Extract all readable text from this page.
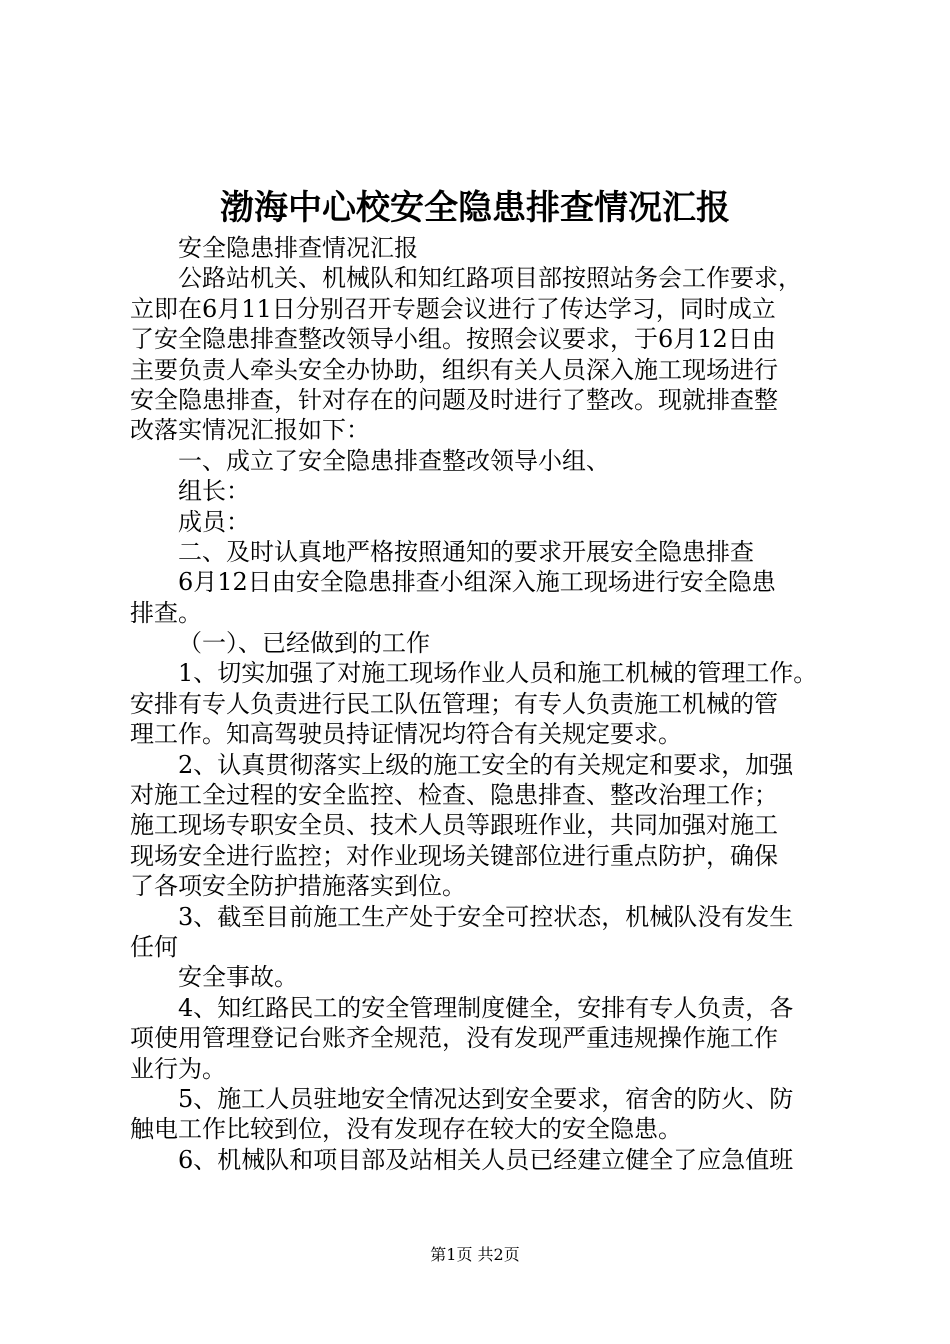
渤海中心校安全隐患排查情况汇报
安全隐患排查情况汇报
公路站机关、机械队和知红路项目部按照站务会工作要求，
立即在6月11日分别召开专题会议进行了传达学习，同时成立
了安全隐患排查整改领导小组。按照会议要求，于6月12日由
主要负责人牵头安全办协助，组织有关人员深入施工现场进行
安全隐患排查，针对存在的问题及时进行了整改。现就排查整
改落实情况汇报如下：
一、成立了安全隐患排查整改领导小组、
组长：
成员：
二、及时认真地严格按照通知的要求开展安全隐患排查
6月12日由安全隐患排查小组深入施工现场进行安全隐患
排查。
（一）、已经做到的工作
1、切实加强了对施工现场作业人员和施工机械的管理工作。
安排有专人负责进行民工队伍管理；有专人负责施工机械的管
理工作。知高驾驶员持证情况均符合有关规定要求。
2、认真贯彻落实上级的施工安全的有关规定和要求，加强
对施工全过程的安全监控、检查、隐患排查、整改治理工作；
施工现场专职安全员、技术人员等跟班作业，共同加强对施工
现场安全进行监控；对作业现场关键部位进行重点防护，确保
了各项安全防护措施落实到位。
3、截至目前施工生产处于安全可控状态，机械队没有发生
任何
安全事故。
4、知红路民工的安全管理制度健全，安排有专人负责，各
项使用管理登记台账齐全规范，没有发现严重违规操作施工作
业行为。
5、施工人员驻地安全情况达到安全要求，宿舍的防火、防
触电工作比较到位，没有发现存在较大的安全隐患。
6、机械队和项目部及站相关人员已经建立健全了应急值班
第1页 共2页
